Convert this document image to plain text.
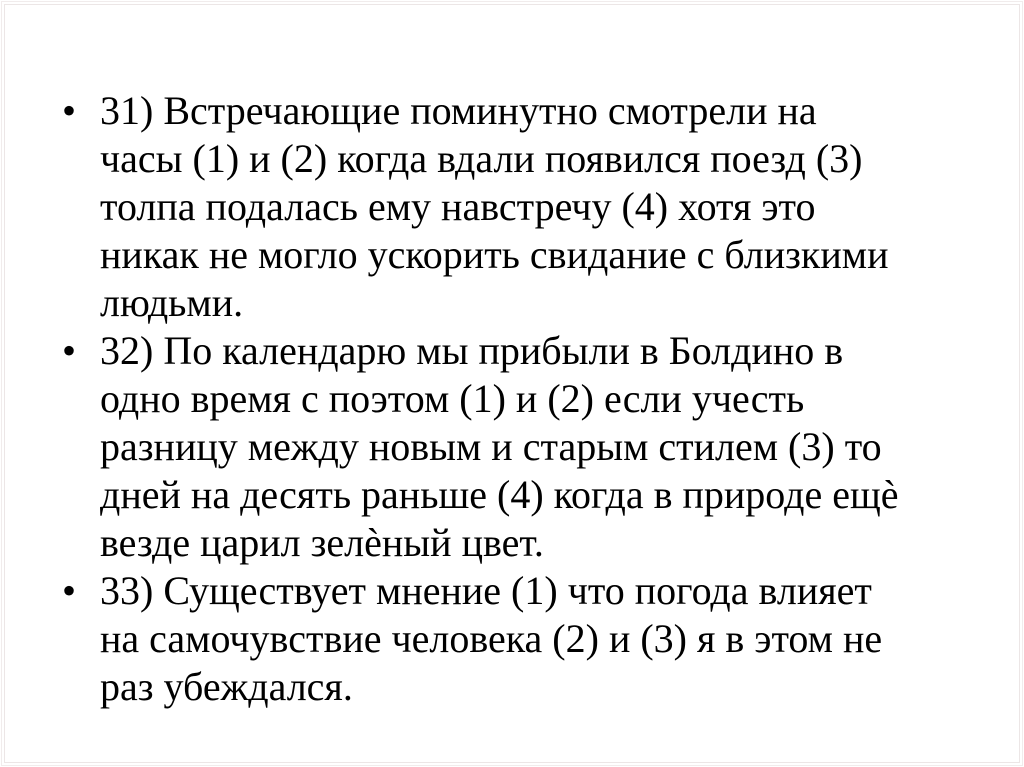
• 31) Встречающие поминутно смотрели на
часы (1) и (2) когда вдали появился поезд (3)
толпа подалась ему навстречу (4) хотя это
никак не могло ускорить свидание с близкими
людьми.
• 32) По календарю мы прибыли в Болдино в
одно время с поэтом (1) и (2) если учесть
разницу между новым и старым стилем (3) то
дней на десять раньше (4) когда в природе ещѐ
везде царил зелѐный цвет.
• 33) Существует мнение (1) что погода влияет
на самочувствие человека (2) и (3) я в этом не
раз убеждался.
